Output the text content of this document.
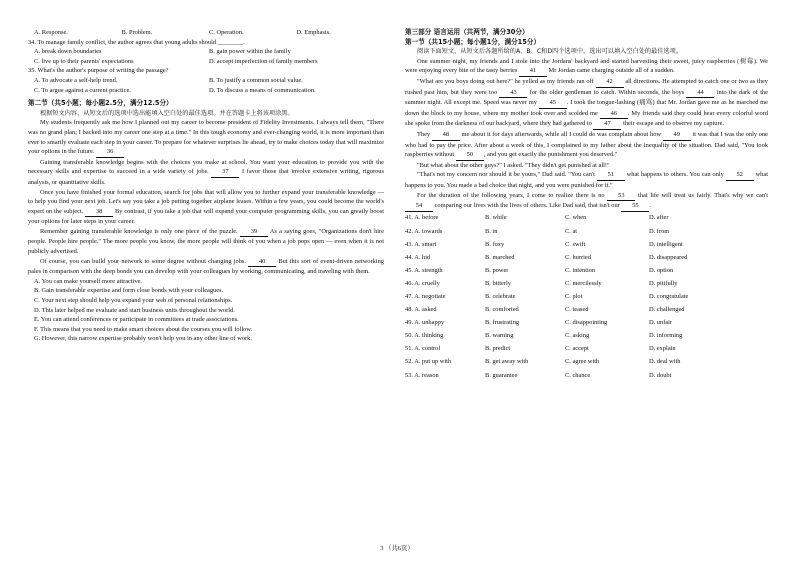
A. Response.	B. Problem.	C. Operation.	D. Emphasis.
34. To manage family conflict, the author agrees that young adults should ________.
A. break down boundaries	B. gain power within the family
C. live up to their parents' expectations	D. accept imperfection of family members
35. What's the author's purpose of writing the passage?
A. To advocate a self-help trend.	B. To justify a common social value.
C. To argue against a current practice.	D. To discuss a means of communication.
第二节（共5小题；每小题2.5分，满分12.5分）
根据短文内容，从短文后的选项中选出能填入空白处的最佳选项。并在答题卡上将该项涂黑。
My students frequently ask me how I planned out my career to become president of Fidelity Investments. I always tell them, "There was no grand plan; I backed into my career one step at a time." In this tough economy and ever-changing world, it is more important than ever to smartly evaluate each step in your career. To prepare for whatever surprises lie ahead, try to make choices today that will maximize your options in the future. 36
Gaining transferable knowledge begins with the choices you make at school. You want your education to provide you with the necessary skills and expertise to succeed in a wide variety of jobs. 37 I favor those that involve extensive writing, rigorous analysis, or quantitative skills.
Once you have finished your formal education, search for jobs that will allow you to further expand your transferable knowledge — to help you find your next job. Let's say you take a job putting together airplane leases. Within a few years, you could become the world's expert on the subject. 38 By contrast, if you take a job that will expand your computer programming skills, you can greatly boost your options for later steps in your career.
Remember gaining transferable knowledge is only one piece of the puzzle. 39 As a saying goes, "Organizations don't hire people. People hire people." The more people you know, the more people will think of you when a job pops open — even when it is not publicly advertised.
Of course, you can build your network to some degree without changing jobs. 40 But this sort of event-driven networking pales in comparison with the deep bonds you can develop with your colleagues by working, communicating, and traveling with them.
A. You can make yourself more attractive.
B. Gain transferable expertise and form close bonds with your colleagues.
C. Your next step should help you expand your web of personal relationships.
D. This later helped me evaluate and start business units throughout the world.
E. You can attend conferences or participate in committees at trade associations.
F. This means that you need to make smart choices about the courses you will follow.
G. However, this narrow expertise probably won't help you in any other line of work.
第三部分 语言运用（共两节，满分30分）
第一节（共15小题；每小题1分，满分15分）
阅读下面短文，从短文后各题所给的A、B、C和D四个选项中，选出可以填入空白处的最佳选项。
One summer night, my friends and I stole into the Jordans' backyard and started harvesting their sweet, juicy raspberries (树莓). We were enjoying every bite of the tasty berries 41 Mr Jordan came charging outside all of a sudden.
"What are you boys doing out here?" he yelled as my friends ran off 42 all directions. He attempted to catch one or two as they rushed past him, but they were too 43 for the older gentleman to catch. Within seconds, the boys 44 into the dark of the summer night. All except me. Speed was never my 45 . I took the tongue-lashing (痛骂) that Mr. Jordan gave me as he marched me down the block to my house, where my mother took over and scolded me 46 . My friends said they could hear every colorful word she spoke from the darkness of our backyard, where they had gathered to 47 their escape and to observe my capture.
They 48 me about it for days afterwards, while all I could do was complain about how 49 it was that I was the only one who had to pay the price. After about a week of this, I complained to my father about the inequality of the situation. Dad said, "You took raspberries without 50 , and you get exactly the punishment you deserved."
"But what about the other guys?" I asked. "They didn't get punished at all!"
"That's not my concern nor should it be yours," Dad said. "You can't 51 what happens to others. You can only 52 what happens to you. You made a bad choice that night, and you were punished for it."
For the duration of the following years, I come to realize there is no 53 that life will treat us fairly. That's why we can't 54 comparing our lives with the lives of others. Like Dad said, that isn't our 55 .
41. A. before	B. while	C. when	D. after
42. A. towards	B. in	C. at	D. from
43. A. smart	B. foxy	C. swift	D. intelligent
44. A. hid	B. marched	C. hurried	D. disappeared
45. A. strength	B. power	C. intention	D. option
46. A. cruelly	B. bitterly	C. mercilessly	D. pitifully
47. A. negotiate	B. celebrate	C. plot	D. congratulate
48. A. asked	B. comforted	C. teased	D. challenged
49. A. unhappy	B. frustrating	C. disappointing	D. unfair
50. A. thinking	B. warning	C. asking	D. informing
51. A. control	B. predict	C. accept	D. explain
52. A. put up with	B. get away with	C. agree with	D. deal with
53. A. reason	B. guarantee	C. chance	D. doubt
3 （共6页）
